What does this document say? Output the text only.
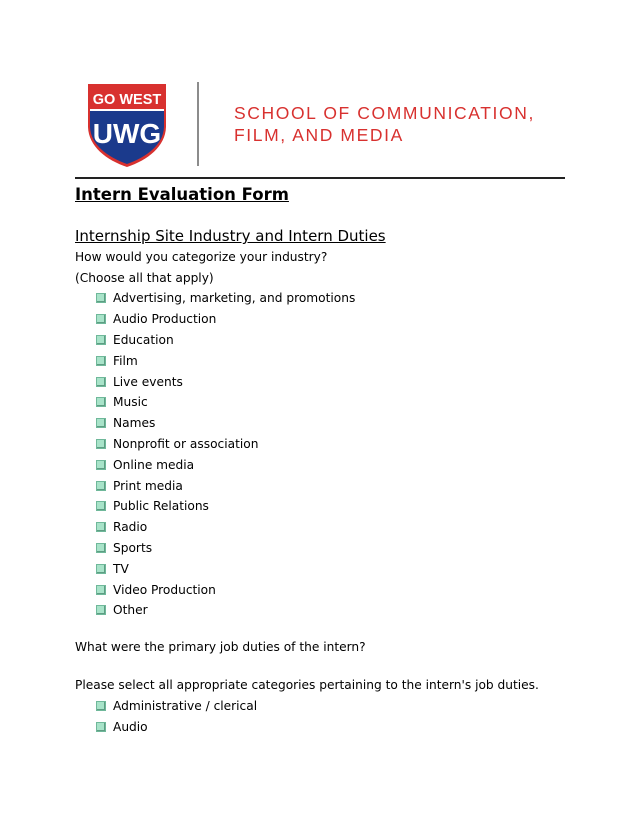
GO WEST
UWG
SCHOOL OF COMMUNICATION,
FILM, AND MEDIA
Intern Evaluation Form
Internship Site Industry and Intern Duties
How would you categorize your industry?
(Choose all that apply)
Advertising, marketing, and promotions
Audio Production
Education
Film
Live events
Music
Names
Nonprofit or association
Online media
Print media
Public Relations
Radio
Sports
TV
Video Production
Other
What were the primary job duties of the intern?
Please select all appropriate categories pertaining to the intern's job duties.
Administrative / clerical
Audio
